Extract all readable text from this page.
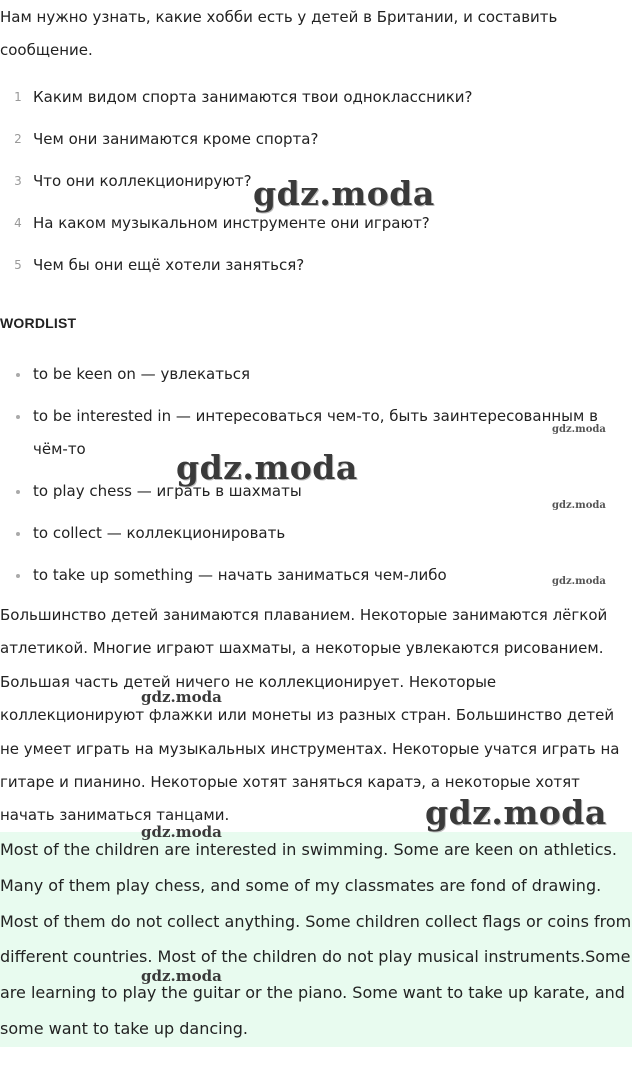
Нам нужно узнать, какие хобби есть у детей в Британии, и составить сообщение.

1 Каким видом спорта занимаются твои одноклассники?
2 Чем они занимаются кроме спорта?
3 Что они коллекционируют?
4 На каком музыкальном инструменте они играют?
5 Чем бы они ещё хотели заняться?
WORDLIST
to be keen on — увлекаться
to be interested in — интересоваться чем-то, быть заинтересованным в чём-то
to play chess — играть в шахматы
to collect — коллекционировать
to take up something — начать заниматься чем-либо

Большинство детей занимаются плаванием. Некоторые занимаются лёгкой атлетикой. Многие играют шахматы, а некоторые увлекаются рисованием. Большая часть детей ничего не коллекционирует. Некоторые коллекционируют флажки или монеты из разных стран. Большинство детей не умеет играть на музыкальных инструментах. Некоторые учатся играть на гитаре и пианино. Некоторые хотят заняться каратэ, а некоторые хотят начать заниматься танцами.

Most of the children are interested in swimming. Some are keen on athletics. Many of them play chess, and some of my classmates are fond of drawing. Most of them do not collect anything. Some children collect flags or coins from different countries. Most of the children do not play musical instruments.Some are learning to play the guitar or the piano. Some want to take up karate, and some want to take up dancing.

gdz.moda
gdz.moda
gdz.moda
gdz.moda
gdz.moda
gdz.moda
gdz.moda
gdz.moda
gdz.moda
